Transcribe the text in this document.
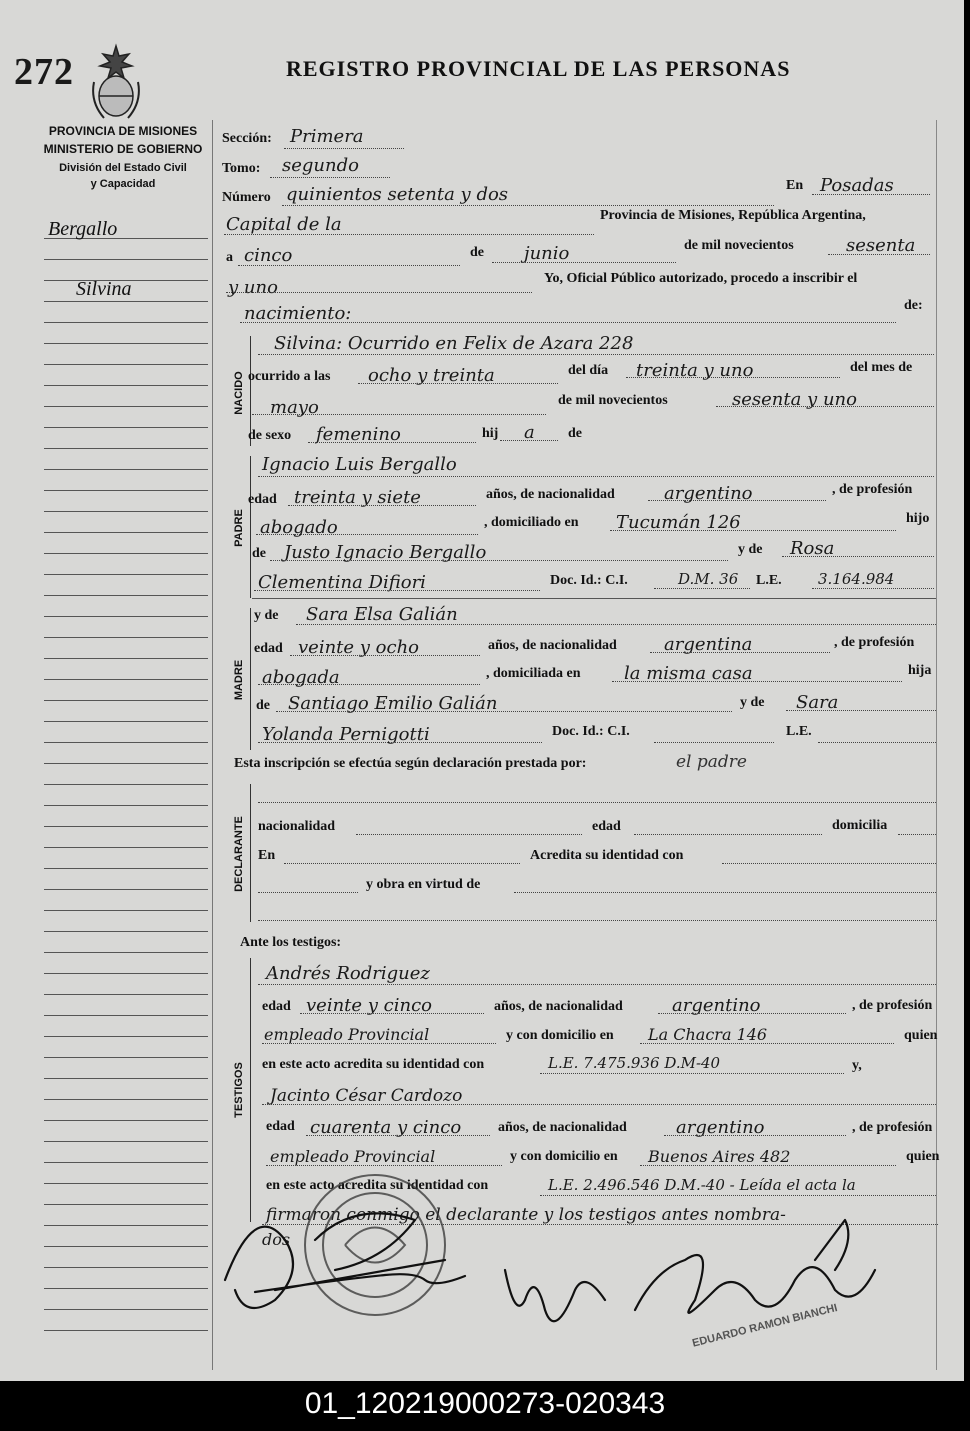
272	REGISTRO PROVINCIAL DE LAS PERSONAS
PROVINCIA DE MISIONES
MINISTERIO DE GOBIERNO
División del Estado Civil
y Capacidad
Bergallo
Silvina
Sección: Primera
Tomo: segundo
Número quinientos setenta y dos	En Posadas
Capital de la	Provincia de Misiones, República Argentina,
a cinco	de junio	de mil novecientos	sesenta
y uno	Yo, Oficial Público autorizado, procedo a inscribir el
nacimiento:	de:
NACIDO
Silvina: Ocurrido en Felix de Azara 228
ocurrido a las ocho y treinta	del día treinta y uno	del mes de
mayo	de mil novecientos	sesenta y uno
de sexo femenino	hij a de
PADRE
Ignacio Luis Bergallo
edad treinta y siete	años, de nacionalidad	argentino	, de profesión
abogado	, domiciliado en Tucumán 126	hijo
de Justo Ignacio Bergallo	y de Rosa
Clementina Difiori	Doc. Id.: C.I.	D.M. 36 L.E. 3.164.984
MADRE
y de Sara Elsa Galián
edad veinte y ocho	años, de nacionalidad	argentina	, de profesión
abogada	, domiciliada en la misma casa	hija
de Santiago Emilio Galián	y de Sara
Yolanda Pernigotti	Doc. Id.: C.I.	L.E.
Esta inscripción se efectúa según declaración prestada por:	el padre
DECLARANTE nacionalidad	edad	domicilia
En	Acredita su identidad con
y obra en virtud de
Ante los testigos:
TESTIGOS
Andrés Rodriguez
edad veinte y cinco	años, de nacionalidad	argentino	, de profesión
empleado Provincial	y con domicilio en La Chacra 146	quien
en este acto acredita su identidad con	L.E. 7.475.936 D.M-40	y,
Jacinto César Cardozo
edad cuarenta y cinco	años, de nacionalidad	argentino	, de profesión
empleado Provincial	y con domicilio en Buenos Aires 482	quien
en este acto acredita su identidad con	L.E. 2.496.546 D.M.-40 - Leída el acta la
firmaron conmigo el declarante y los testigos antes nombra-
dos
EDUARDO RAMON BIANCHI
01_120219000273-020343
